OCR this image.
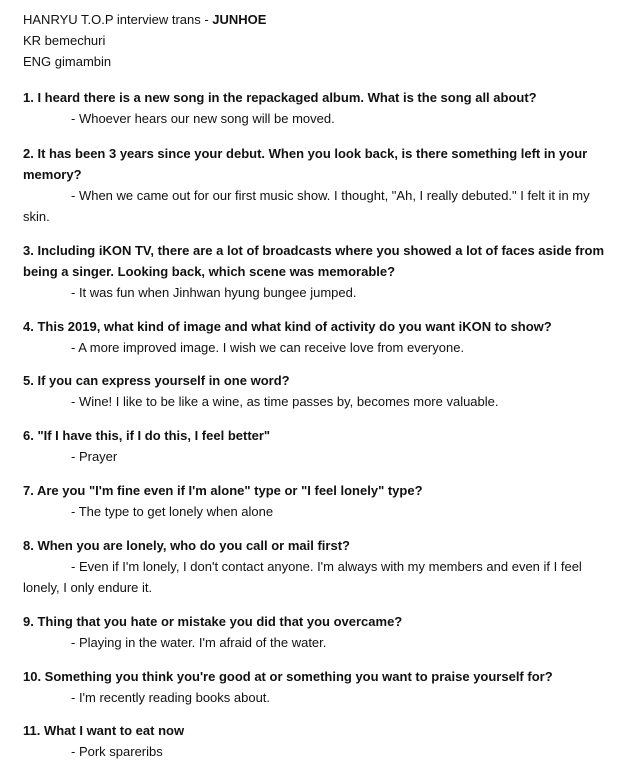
HANRYU T.O.P interview trans - JUNHOE
KR bemechuri
ENG gimambin
1. I heard there is a new song in the repackaged album. What is the song all about?
- Whoever hears our new song will be moved.
2. It has been 3 years since your debut. When you look back, is there something left in your memory?
- When we came out for our first music show. I thought, "Ah, I really debuted." I felt it in my skin.
3. Including iKON TV, there are a lot of broadcasts where you showed a lot of faces aside from being a singer. Looking back, which scene was memorable?
- It was fun when Jinhwan hyung bungee jumped.
4. This 2019, what kind of image and what kind of activity do you want iKON to show?
- A more improved image. I wish we can receive love from everyone.
5. If you can express yourself in one word?
- Wine! I like to be like a wine, as time passes by, becomes more valuable.
6. "If I have this, if I do this, I feel better"
- Prayer
7. Are you "I'm fine even if I'm alone" type or "I feel lonely" type?
- The type to get lonely when alone
8. When you are lonely, who do you call or mail first?
- Even if I'm lonely, I don't contact anyone. I'm always with my members and even if I feel lonely, I only endure it.
9. Thing that you hate or mistake you did that you overcame?
- Playing in the water. I'm afraid of the water.
10. Something you think you're good at or something you want to praise yourself for?
- I'm recently reading books about.
11. What I want to eat now
- Pork spareribs
